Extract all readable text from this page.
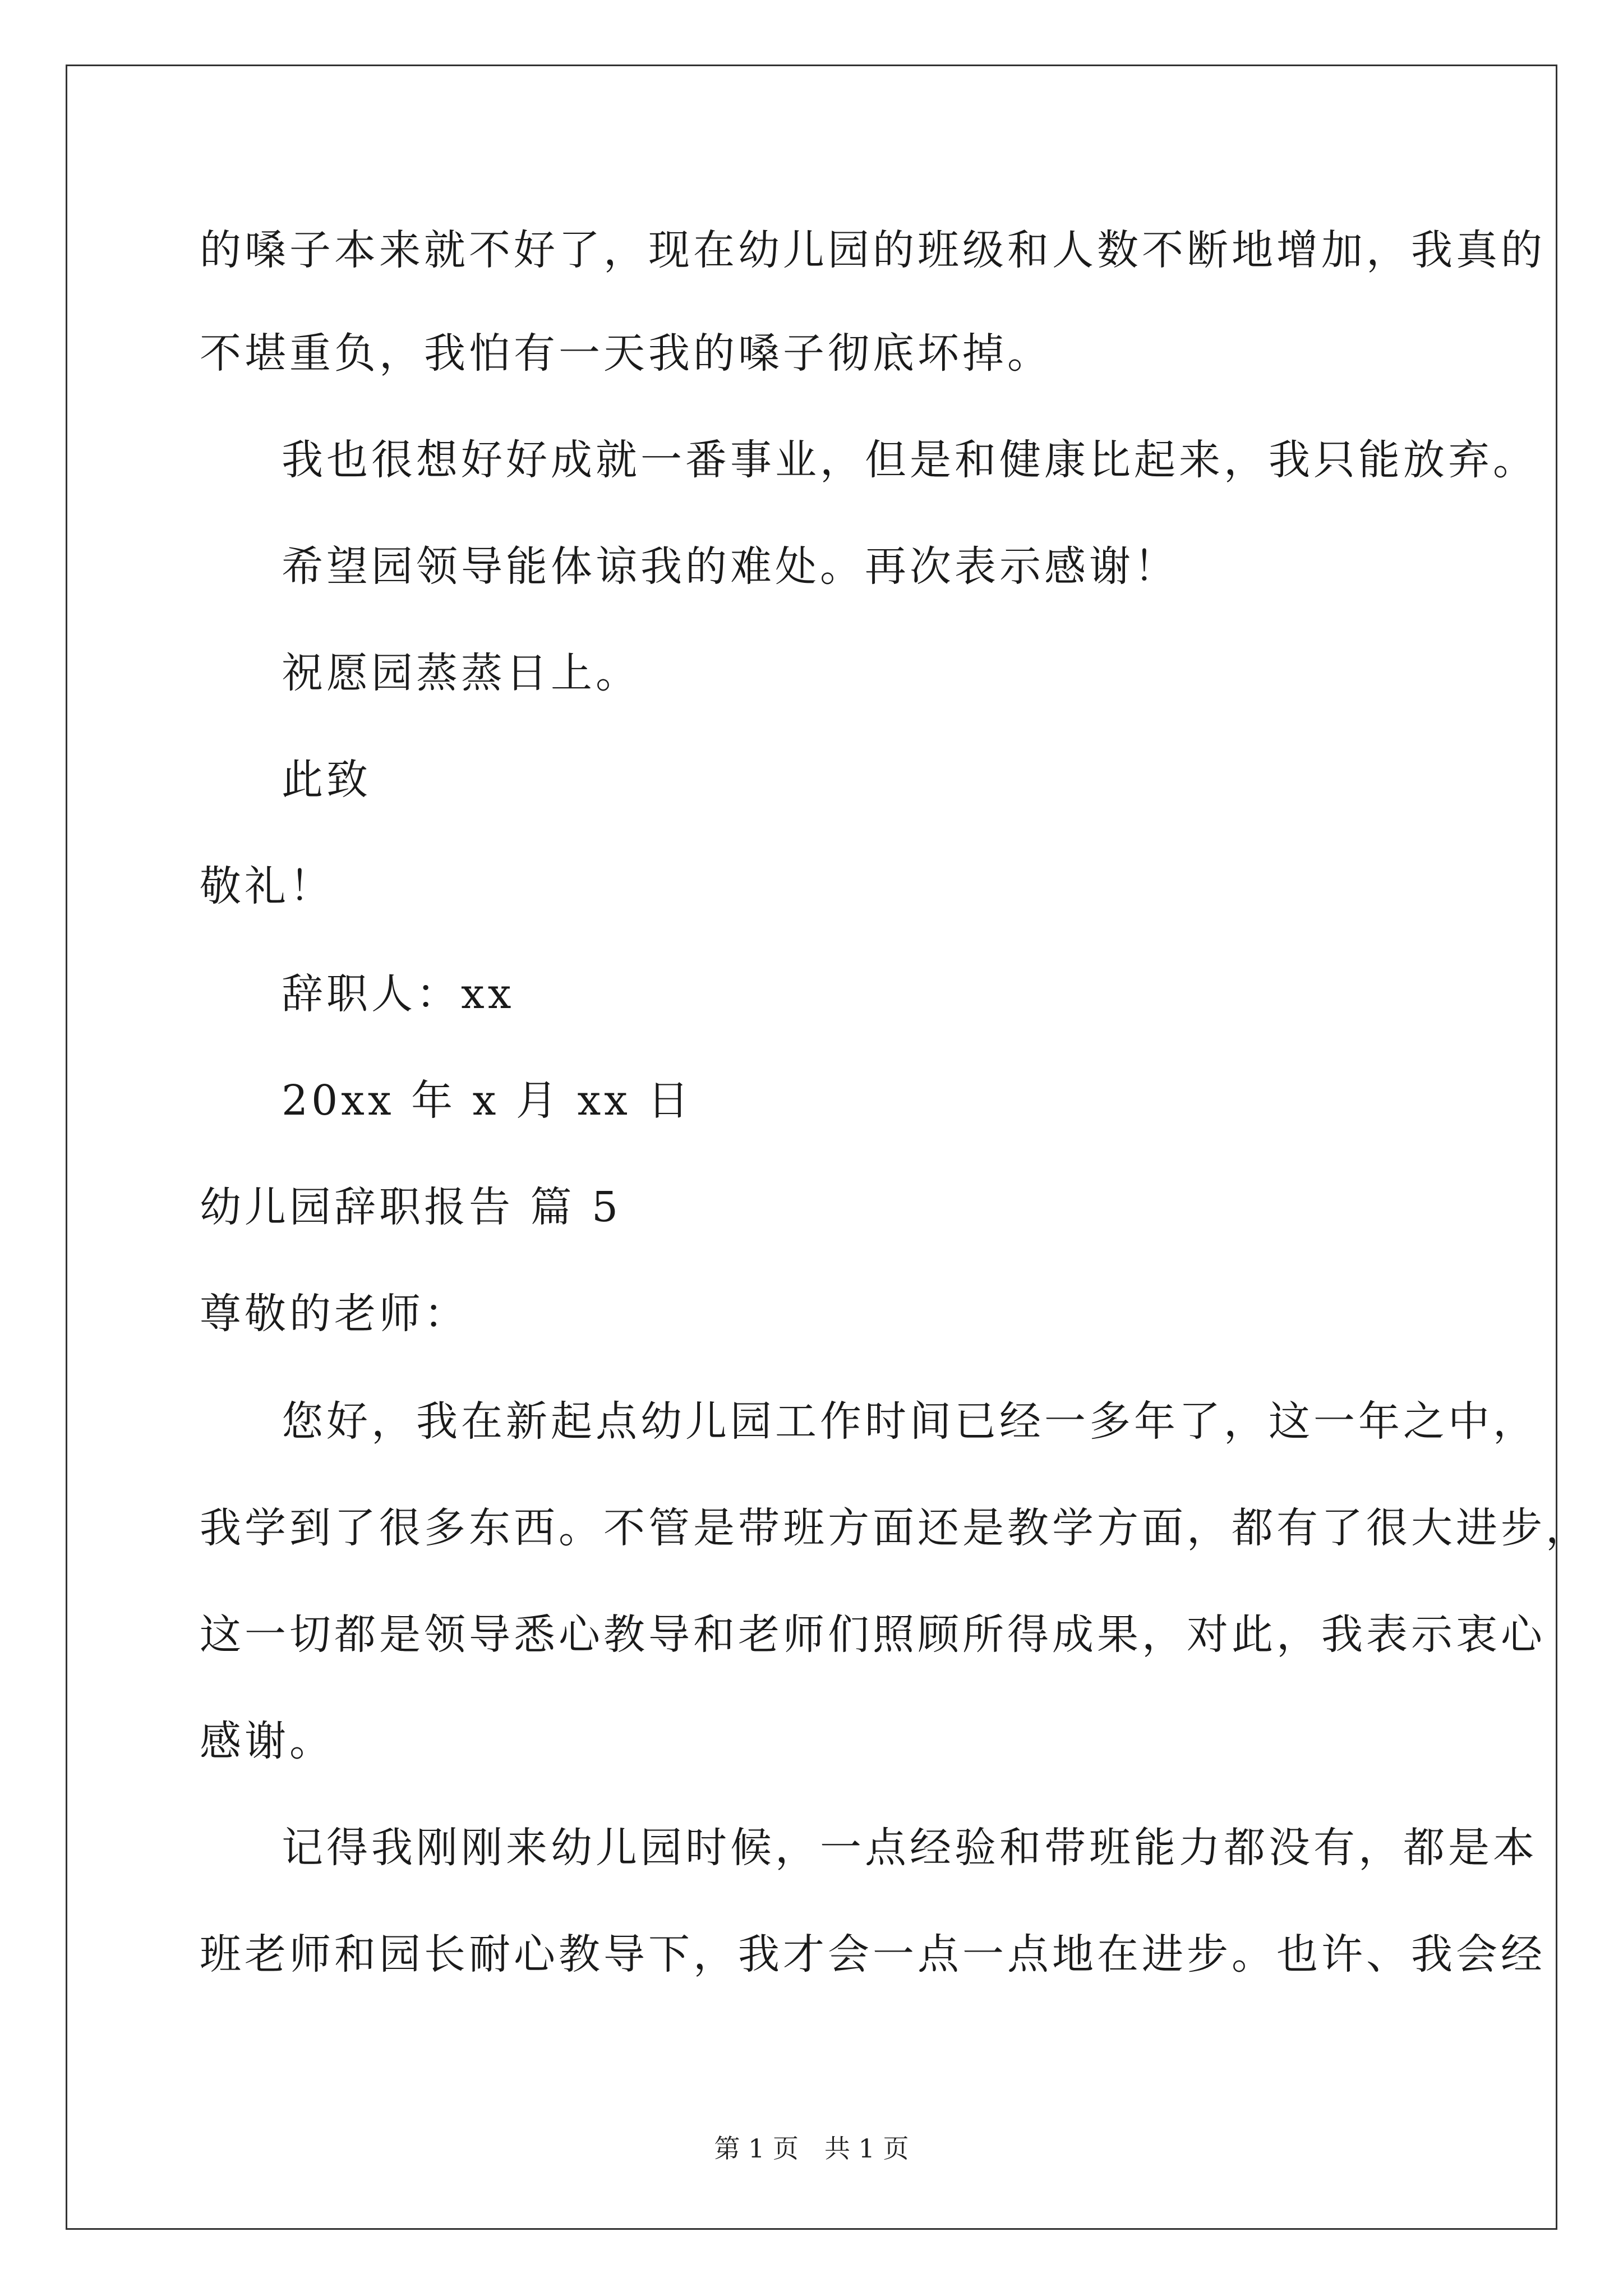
的嗓子本来就不好了，现在幼儿园的班级和人数不断地增加，我真的
不堪重负，我怕有一天我的嗓子彻底坏掉。
我也很想好好成就一番事业，但是和健康比起来，我只能放弃。
希望园领导能体谅我的难处。再次表示感谢！
祝愿园蒸蒸日上。
此致
敬礼！
辞职人：xx
20xx 年 x 月 xx 日
幼儿园辞职报告 篇 5
尊敬的老师：
您好，我在新起点幼儿园工作时间已经一多年了，这一年之中，
我学到了很多东西。不管是带班方面还是教学方面，都有了很大进步，
这一切都是领导悉心教导和老师们照顾所得成果，对此，我表示衷心
感谢。
记得我刚刚来幼儿园时候，一点经验和带班能力都没有，都是本
班老师和园长耐心教导下，我才会一点一点地在进步。也许、我会经
第 1 页　共 1 页
